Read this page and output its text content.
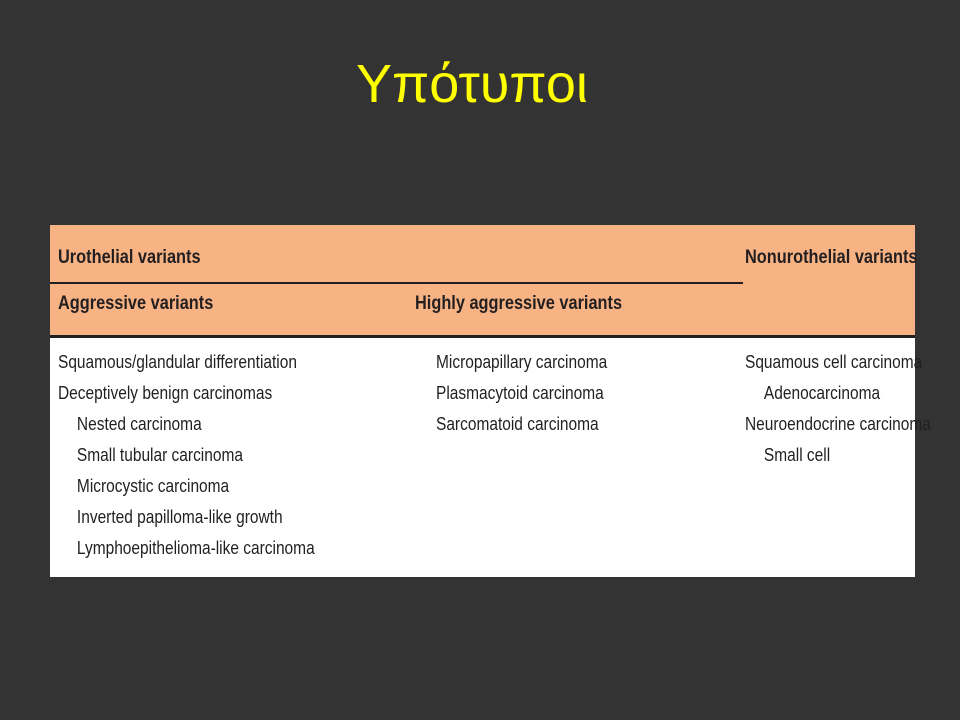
Υπότυποι
Urothelial variants	Nonurothelial variants
Aggressive variants	Highly aggressive variants
Squamous/glandular differentiation
Deceptively benign carcinomas
Nested carcinoma
Small tubular carcinoma
Microcystic carcinoma
Inverted papilloma-like growth
Lymphoepithelioma-like carcinoma
Micropapillary carcinoma
Plasmacytoid carcinoma
Sarcomatoid carcinoma
Squamous cell carcinoma
Adenocarcinoma
Neuroendocrine carcinoma
Small cell
